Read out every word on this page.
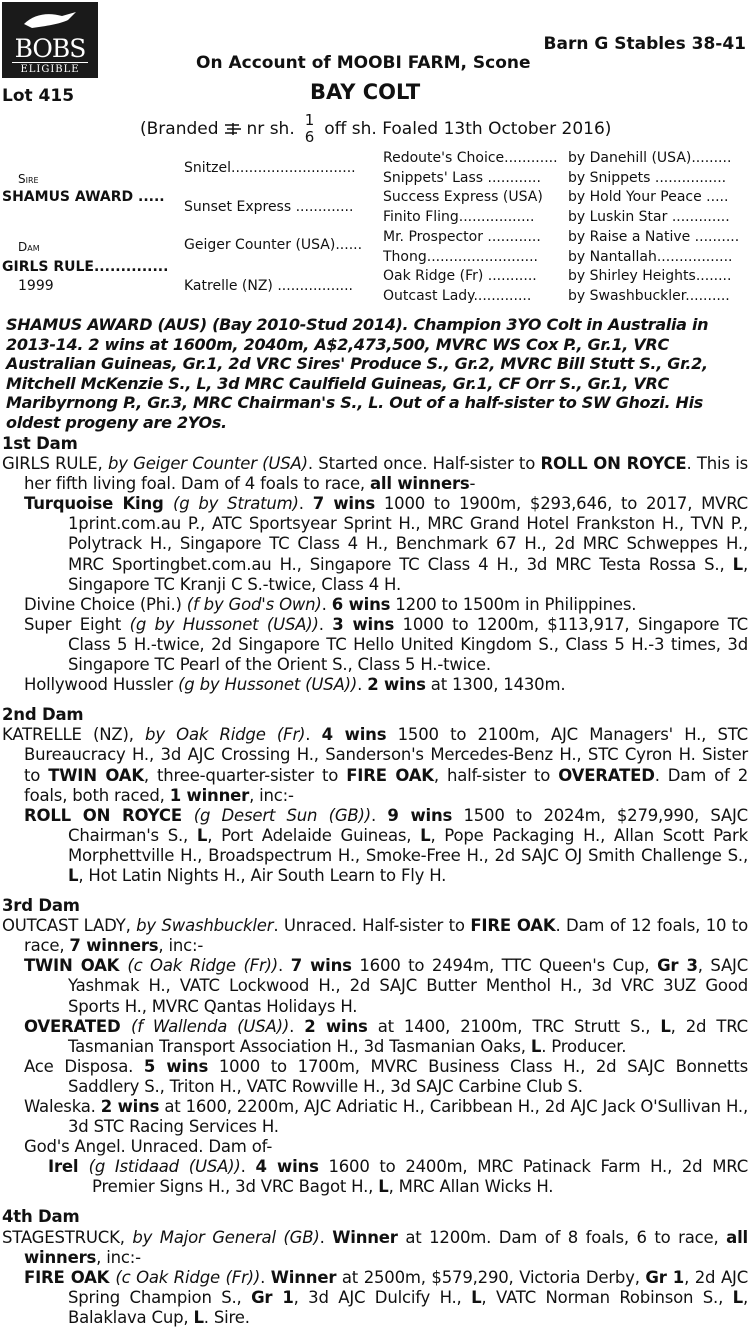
BOBS
ELIGIBLE
Barn G Stables 38-41
On Account of MOOBI FARM, Scone
Lot 415	BAY COLT
(Branded nr sh. 1
6 off sh. Foaled 13th October 2016)
Sire
SHAMUS AWARD .....
Dam
GIRLS RULE..............
1999
Snitzel............................
Sunset Express .............
Geiger Counter (USA)......
Katrelle (NZ) .................
Redoute's Choice............
Snippets' Lass ............
Success Express (USA)
Finito Fling.................
Mr. Prospector ............
Thong.........................
Oak Ridge (Fr) ...........
Outcast Lady.............
by Danehill (USA).........
by Snippets ................
by Hold Your Peace .....
by Luskin Star .............
by Raise a Native ..........
by Nantallah.................
by Shirley Heights........
by Swashbuckler..........
SHAMUS AWARD (AUS) (Bay 2010-Stud 2014). Champion 3YO Colt in Australia in 2013-14. 2 wins at 1600m, 2040m, A$2,473,500, MVRC WS Cox P., Gr.1, VRC Australian Guineas, Gr.1, 2d VRC Sires' Produce S., Gr.2, MVRC Bill Stutt S., Gr.2, Mitchell McKenzie S., L, 3d MRC Caulfield Guineas, Gr.1, CF Orr S., Gr.1, VRC Maribyrnong P., Gr.3, MRC Chairman's S., L. Out of a half-sister to SW Ghozi. His oldest progeny are 2YOs.
1st Dam

GIRLS RULE, by Geiger Counter (USA). Started once. Half-sister to ROLL ON ROYCE. This is her fifth living foal. Dam of 4 foals to race, all winners-

Turquoise King (g by Stratum). 7 wins 1000 to 1900m, $293,646, to 2017, MVRC 1print.com.au P., ATC Sportsyear Sprint H., MRC Grand Hotel Frankston H., TVN P., Polytrack H., Singapore TC Class 4 H., Benchmark 67 H., 2d MRC Schweppes H., MRC Sportingbet.com.au H., Singapore TC Class 4 H., 3d MRC Testa Rossa S., L, Singapore TC Kranji C S.-twice, Class 4 H.

Divine Choice (Phi.) (f by God's Own). 6 wins 1200 to 1500m in Philippines.

Super Eight (g by Hussonet (USA)). 3 wins 1000 to 1200m, $113,917, Singapore TC Class 5 H.-twice, 2d Singapore TC Hello United Kingdom S., Class 5 H.-3 times, 3d Singapore TC Pearl of the Orient S., Class 5 H.-twice.

Hollywood Hussler (g by Hussonet (USA)). 2 wins at 1300, 1430m.

2nd Dam

KATRELLE (NZ), by Oak Ridge (Fr). 4 wins 1500 to 2100m, AJC Managers' H., STC Bureaucracy H., 3d AJC Crossing H., Sanderson's Mercedes-Benz H., STC Cyron H. Sister to TWIN OAK, three-quarter-sister to FIRE OAK, half-sister to OVERATED. Dam of 2 foals, both raced, 1 winner, inc:-

ROLL ON ROYCE (g Desert Sun (GB)). 9 wins 1500 to 2024m, $279,990, SAJC Chairman's S., L, Port Adelaide Guineas, L, Pope Packaging H., Allan Scott Park Morphettville H., Broadspectrum H., Smoke-Free H., 2d SAJC OJ Smith Challenge S., L, Hot Latin Nights H., Air South Learn to Fly H.

3rd Dam

OUTCAST LADY, by Swashbuckler. Unraced. Half-sister to FIRE OAK. Dam of 12 foals, 10 to race, 7 winners, inc:-

TWIN OAK (c Oak Ridge (Fr)). 7 wins 1600 to 2494m, TTC Queen's Cup, Gr 3, SAJC Yashmak H., VATC Lockwood H., 2d SAJC Butter Menthol H., 3d VRC 3UZ Good Sports H., MVRC Qantas Holidays H.

OVERATED (f Wallenda (USA)). 2 wins at 1400, 2100m, TRC Strutt S., L, 2d TRC Tasmanian Transport Association H., 3d Tasmanian Oaks, L. Producer.

Ace Disposa. 5 wins 1000 to 1700m, MVRC Business Class H., 2d SAJC Bonnetts Saddlery S., Triton H., VATC Rowville H., 3d SAJC Carbine Club S.

Waleska. 2 wins at 1600, 2200m, AJC Adriatic H., Caribbean H., 2d AJC Jack O'Sullivan H., 3d STC Racing Services H.

God's Angel. Unraced. Dam of-

Irel (g Istidaad (USA)). 4 wins 1600 to 2400m, MRC Patinack Farm H., 2d MRC Premier Signs H., 3d VRC Bagot H., L, MRC Allan Wicks H.

4th Dam

STAGESTRUCK, by Major General (GB). Winner at 1200m. Dam of 8 foals, 6 to race, all winners, inc:-

FIRE OAK (c Oak Ridge (Fr)). Winner at 2500m, $579,290, Victoria Derby, Gr 1, 2d AJC Spring Champion S., Gr 1, 3d AJC Dulcify H., L, VATC Norman Robinson S., L, Balaklava Cup, L. Sire.
